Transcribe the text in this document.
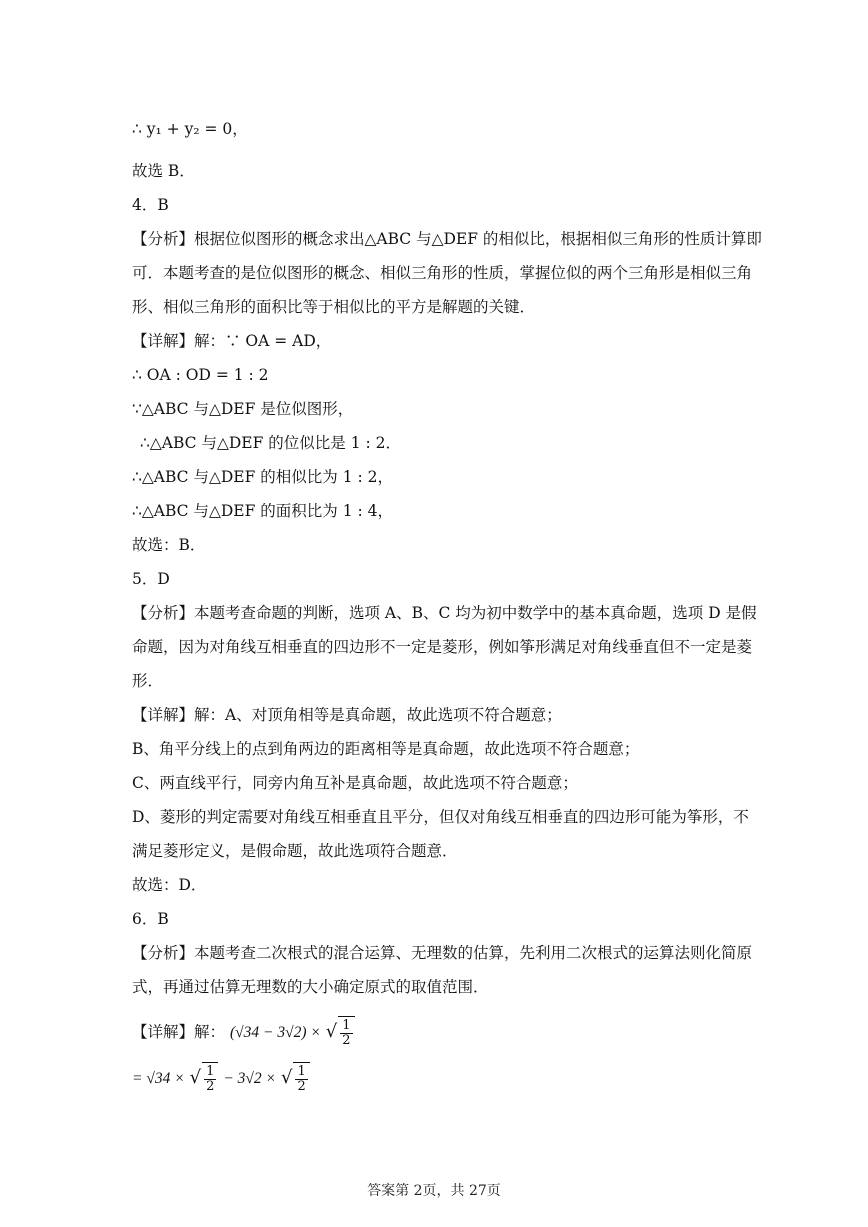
∴ y₁ + y₂ = 0，
故选 B．
4．B
【分析】根据位似图形的概念求出△ABC 与△DEF 的相似比，根据相似三角形的性质计算即
可．本题考查的是位似图形的概念、相似三角形的性质，掌握位似的两个三角形是相似三角
形、相似三角形的面积比等于相似比的平方是解题的关键．
【详解】解：∵ OA = AD，
∴ OA : OD = 1 : 2
∵△ABC 与△DEF 是位似图形，
∴△ABC 与△DEF 的位似比是 1 : 2．
∴△ABC 与△DEF 的相似比为 1 : 2，
∴△ABC 与△DEF 的面积比为 1 : 4，
故选：B．
5．D
【分析】本题考查命题的判断，选项 A、B、C 均为初中数学中的基本真命题，选项 D 是假
命题，因为对角线互相垂直的四边形不一定是菱形，例如筝形满足对角线垂直但不一定是菱
形．
【详解】解：A、对顶角相等是真命题，故此选项不符合题意；
B、角平分线上的点到角两边的距离相等是真命题，故此选项不符合题意；
C、两直线平行，同旁内角互补是真命题，故此选项不符合题意；
D、菱形的判定需要对角线互相垂直且平分，但仅对角线互相垂直的四边形可能为筝形，不
满足菱形定义，是假命题，故此选项符合题意．
故选：D．
6．B
【分析】本题考查二次根式的混合运算、无理数的估算，先利用二次根式的运算法则化简原
式，再通过估算无理数的大小确定原式的取值范围．
【详解】解： (√34 − 3√2) × √ $\frac{1}{2}$
= √34 × √ $\frac{1}{2} - 3√2$ × √ $\frac{1}{2}$
答案第 2页，共 27页
